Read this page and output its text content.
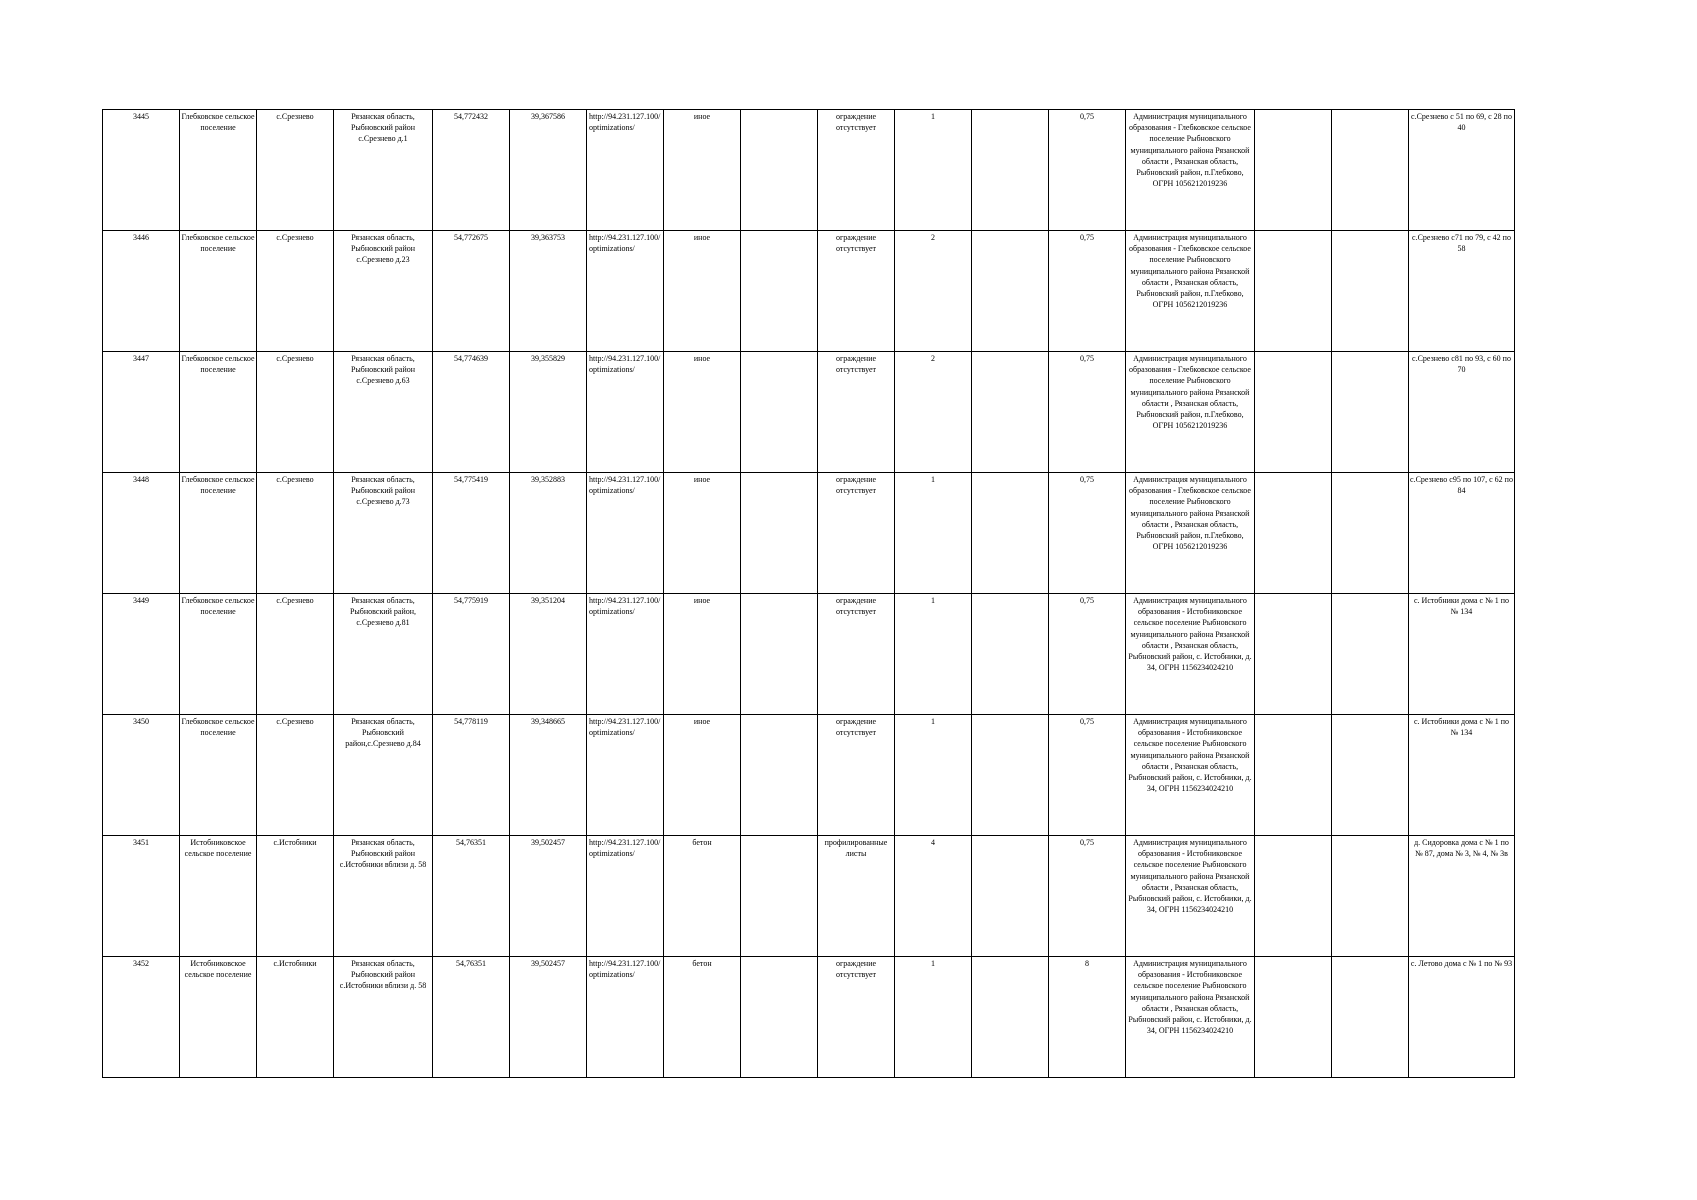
3445	Глебковское сельское поселение	с.Срезнево	Рязанская область, Рыбновский район с.Срезнево д.1	54,772432	39,367586	http://94.231.127.100/optimizations/	иное		ограждение отсутствует	1		0,75	Администрация муниципального образования - Глебковское сельское поселение Рыбновского муниципального района Рязанской области , Рязанская область, Рыбновский район, п.Глебково, ОГРН 1056212019236			с.Срезнево с 51 по 69, с 28 по 40
3446	Глебковское сельское поселение	с.Срезнево	Рязанская область, Рыбновский район с.Срезнево д.23	54,772675	39,363753	http://94.231.127.100/optimizations/	иное		ограждение отсутствует	2		0,75	Администрация муниципального образования - Глебковское сельское поселение Рыбновского муниципального района Рязанской области , Рязанская область, Рыбновский район, п.Глебково, ОГРН 1056212019236			с.Срезнево с71 по 79, с 42 по 58
3447	Глебковское сельское поселение	с.Срезнево	Рязанская область, Рыбновский район с.Срезнево д.63	54,774639	39,355829	http://94.231.127.100/optimizations/	иное		ограждение отсутствует	2		0,75	Администрация муниципального образования - Глебковское сельское поселение Рыбновского муниципального района Рязанской области , Рязанская область, Рыбновский район, п.Глебково, ОГРН 1056212019236			с.Срезнево с81 по 93, с 60 по 70
3448	Глебковское сельское поселение	с.Срезнево	Рязанская область, Рыбновский район с.Срезнево д.73	54,775419	39,352883	http://94.231.127.100/optimizations/	иное		ограждение отсутствует	1		0,75	Администрация муниципального образования - Глебковское сельское поселение Рыбновского муниципального района Рязанской области , Рязанская область, Рыбновский район, п.Глебково, ОГРН 1056212019236			с.Срезнево с95 по 107, с 62 по 84
3449	Глебковское сельское поселение	с.Срезнево	Рязанская область, Рыбновский район, с.Срезнево д.81	54,775919	39,351204	http://94.231.127.100/optimizations/	иное		ограждение отсутствует	1		0,75	Администрация муниципального образования - Истобниковское сельское поселение Рыбновского муниципального района Рязанской области , Рязанская область, Рыбновский район, с. Истобники, д. 34, ОГРН 1156234024210			с. Истобники дома с № 1 по № 134
3450	Глебковское сельское поселение	с.Срезнево	Рязанская область, Рыбновский район,с.Срезнево д.84	54,778119	39,348665	http://94.231.127.100/optimizations/	иное		ограждение отсутствует	1		0,75	Администрация муниципального образования - Истобниковское сельское поселение Рыбновского муниципального района Рязанской области , Рязанская область, Рыбновский район, с. Истобники, д. 34, ОГРН 1156234024210			с. Истобники дома с № 1 по № 134
3451	Истобниковское сельское поселение	с.Истобники	Рязанская область, Рыбновский район с.Истобники вблизи д. 58	54,76351	39,502457	http://94.231.127.100/optimizations/	бетон		профилированные листы	4		0,75	Администрация муниципального образования - Истобниковское сельское поселение Рыбновского муниципального района Рязанской области , Рязанская область, Рыбновский район, с. Истобники, д. 34, ОГРН 1156234024210			д. Сидоровка дома с № 1 по № 87, дома № 3, № 4, № 3в
3452	Истобниковское сельское поселение	с.Истобники	Рязанская область, Рыбновский район с.Истобники вблизи д. 58	54,76351	39,502457	http://94.231.127.100/optimizations/	бетон		ограждение отсутствует	1		8	Администрация муниципального образования - Истобниковское сельское поселение Рыбновского муниципального района Рязанской области , Рязанская область, Рыбновский район, с. Истобники, д. 34, ОГРН 1156234024210			с. Летово дома с № 1 по № 93
